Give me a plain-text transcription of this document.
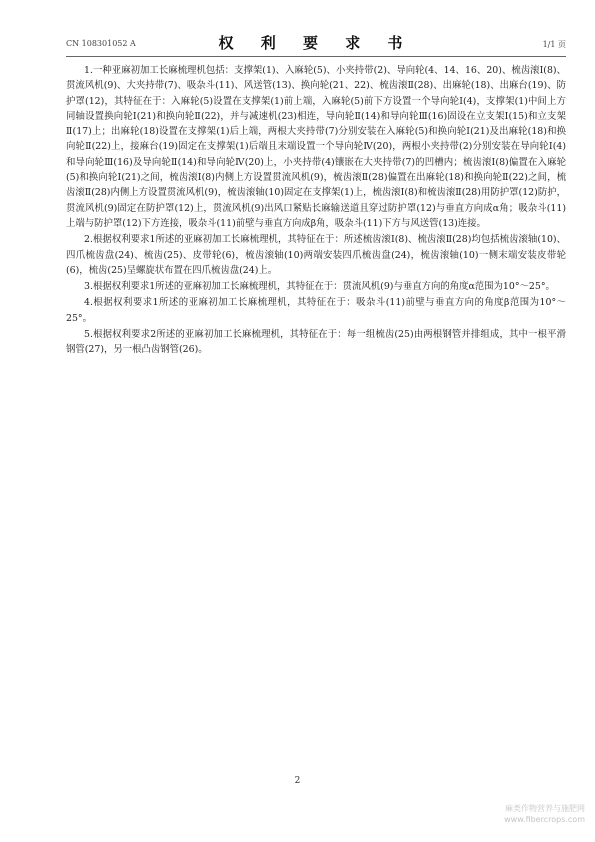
CN 108301052 A	权 利 要 求 书	1/1 页

1.一种亚麻初加工长麻梳理机包括：支撑架(1)、入麻轮(5)、小夹持带(2)、导向轮(4、14、16、20)、梳齿滚Ⅰ(8)、贯流风机(9)、大夹持带(7)、吸杂斗(11)、风送管(13)、换向轮(21、22)、梳齿滚Ⅱ(28)、出麻轮(18)、出麻台(19)、防护罩(12)，其特征在于：入麻轮(5)设置在支撑架(1)前上端，入麻轮(5)前下方设置一个导向轮Ⅰ(4)，支撑架(1)中间上方同轴设置换向轮Ⅰ(21)和换向轮Ⅱ(22)，并与减速机(23)相连，导向轮Ⅱ(14)和导向轮Ⅲ(16)固设在立支架Ⅰ(15)和立支架Ⅱ(17)上；出麻轮(18)设置在支撑架(1)后上端，两根大夹持带(7)分别安装在入麻轮(5)和换向轮Ⅰ(21)及出麻轮(18)和换向轮Ⅱ(22)上，接麻台(19)固定在支撑架(1)后端且末端设置一个导向轮Ⅳ(20)，两根小夹持带(2)分别安装在导向轮Ⅰ(4)和导向轮Ⅲ(16)及导向轮Ⅱ(14)和导向轮Ⅳ(20)上，小夹持带(4)镶嵌在大夹持带(7)的凹槽内；梳齿滚Ⅰ(8)偏置在入麻轮(5)和换向轮Ⅰ(21)之间，梳齿滚Ⅰ(8)内侧上方设置贯流风机(9)，梳齿滚Ⅱ(28)偏置在出麻轮(18)和换向轮Ⅱ(22)之间，梳齿滚Ⅱ(28)内侧上方设置贯流风机(9)，梳齿滚轴(10)固定在支撑架(1)上，梳齿滚Ⅰ(8)和梳齿滚Ⅱ(28)用防护罩(12)防护，贯流风机(9)固定在防护罩(12)上，贯流风机(9)出风口紧贴长麻输送道且穿过防护罩(12)与垂直方向成α角；吸杂斗(11)上端与防护罩(12)下方连接，吸杂斗(11)前壁与垂直方向成β角，吸杂斗(11)下方与风送管(13)连接。

2.根据权利要求1所述的亚麻初加工长麻梳理机，其特征在于：所述梳齿滚Ⅰ(8)、梳齿滚Ⅱ(28)均包括梳齿滚轴(10)、四爪梳齿盘(24)、梳齿(25)、皮带轮(6)，梳齿滚轴(10)两端安装四爪梳齿盘(24)，梳齿滚轴(10)一侧末端安装皮带轮(6)，梳齿(25)呈螺旋状布置在四爪梳齿盘(24)上。

3.根据权利要求1所述的亚麻初加工长麻梳理机，其特征在于：贯流风机(9)与垂直方向的角度α范围为10°～25°。

4.根据权利要求1所述的亚麻初加工长麻梳理机，其特征在于：吸杂斗(11)前壁与垂直方向的角度β范围为10°～25°。

5.根据权利要求2所述的亚麻初加工长麻梳理机，其特征在于：每一组梳齿(25)由两根钢管并排组成，其中一根平滑钢管(27)，另一根凸齿钢管(26)。

2
麻类作物营养与施肥网
www.fibercrops.com
